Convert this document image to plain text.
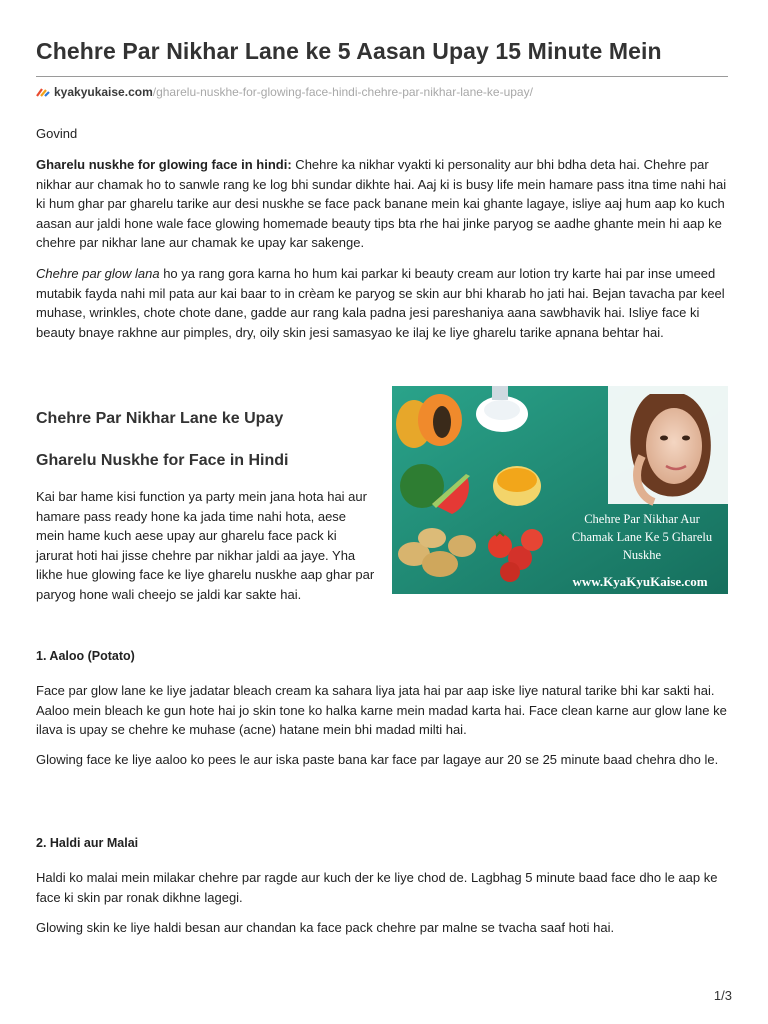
Chehre Par Nikhar Lane ke 5 Aasan Upay 15 Minute Mein
kyakyukaise.com/gharelu-nuskhe-for-glowing-face-hindi-chehre-par-nikhar-lane-ke-upay/

Govind

Gharelu nuskhe for glowing face in hindi: Chehre ka nikhar vyakti ki personality aur bhi bdha deta hai. Chehre par nikhar aur chamak ho to sanwle rang ke log bhi sundar dikhte hai. Aaj ki is busy life mein hamare pass itna time nahi hai ki hum ghar par gharelu tarike aur desi nuskhe se face pack banane mein kai ghante lagaye, isliye aaj hum aap ko kuch aasan aur jaldi hone wale face glowing homemade beauty tips bta rhe hai jinke paryog se aadhe ghante mein hi aap ke chehre par nikhar lane aur chamak ke upay kar sakenge.

Chehre par glow lana ho ya rang gora karna ho hum kai parkar ki beauty cream aur lotion try karte hai par inse umeed mutabik fayda nahi mil pata aur kai baar to in crèam ke paryog se skin aur bhi kharab ho jati hai. Bejan tavacha par keel muhase, wrinkles, chote chote dane, gadde aur rang kala padna jesi pareshaniya aana sawbhavik hai. Isliye face ki beauty bnaye rakhne aur pimples, dry, oily skin jesi samasyao ke ilaj ke liye gharelu tarike apnana behtar hai.

Chehre Par Nikhar Lane ke Upay
Gharelu Nuskhe for Face in Hindi

Kai bar hame kisi function ya party mein jana hota hai aur hamare pass ready hone ka jada time nahi hota, aese mein hame kuch aese upay aur gharelu face pack ki jarurat hoti hai jisse chehre par nikhar jaldi aa jaye. Yha likhe hue glowing face ke liye gharelu nuskhe aap ghar par paryog hone wali cheejo se jaldi kar sakte hai.

Chehre Par Nikhar Aur
Chamak Lane Ke 5 Gharelu
Nuskhe
www.KyaKyuKaise.com
1. Aaloo (Potato)

Face par glow lane ke liye jadatar bleach cream ka sahara liya jata hai par aap iske liye natural tarike bhi kar sakti hai. Aaloo mein bleach ke gun hote hai jo skin tone ko halka karne mein madad karta hai. Face clean karne aur glow lane ke ilava is upay se chehre ke muhase (acne) hatane mein bhi madad milti hai.

Glowing face ke liye aaloo ko pees le aur iska paste bana kar face par lagaye aur 20 se 25 minute baad chehra dho le.

2. Haldi aur Malai

Haldi ko malai mein milakar chehre par ragde aur kuch der ke liye chod de. Lagbhag 5 minute baad face dho le aap ke face ki skin par ronak dikhne lagegi.

Glowing skin ke liye haldi besan aur chandan ka face pack chehre par malne se tvacha saaf hoti hai.

1/3
